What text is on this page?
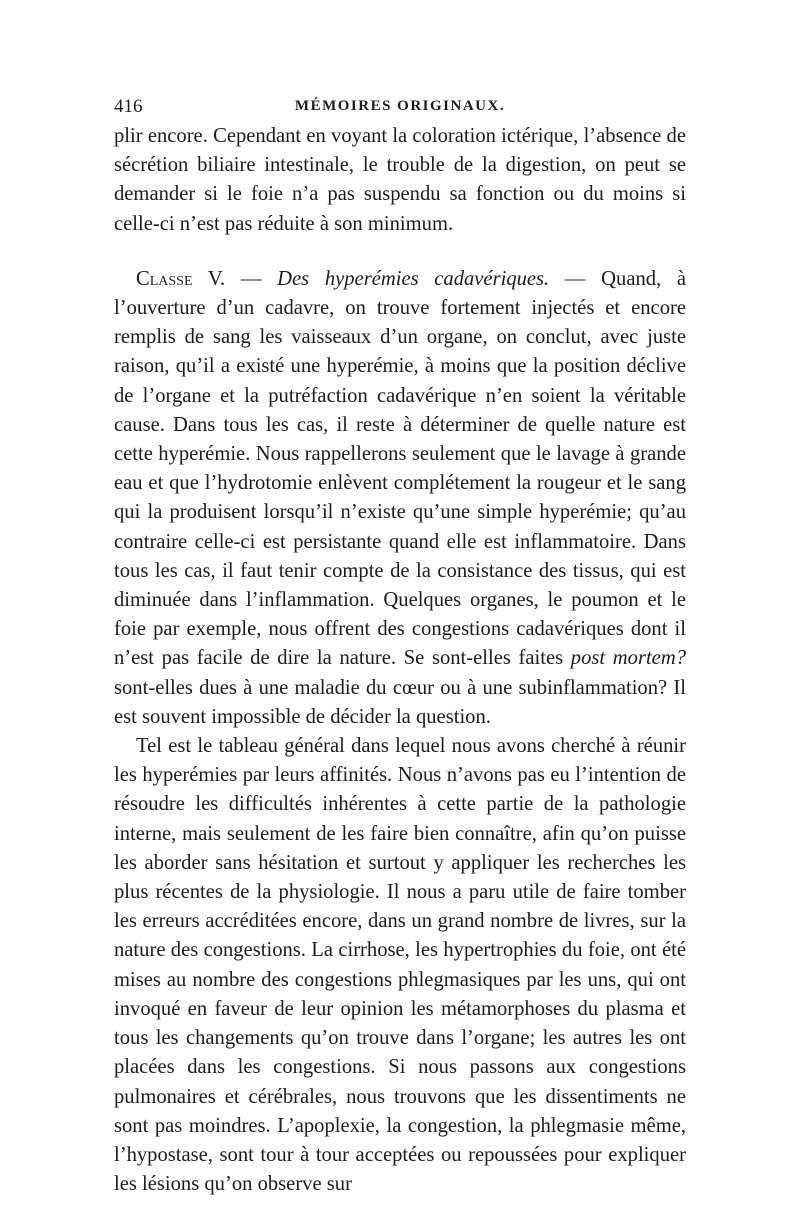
416	MÉMOIRES ORIGINAUX.

plir encore. Cependant en voyant la coloration ictérique, l’absence de sécrétion biliaire intestinale, le trouble de la digestion, on peut se demander si le foie n’a pas suspendu sa fonction ou du moins si celle-ci n’est pas réduite à son minimum.

Classe V. — Des hyperémies cadavériques. — Quand, à l’ouverture d’un cadavre, on trouve fortement injectés et encore remplis de sang les vaisseaux d’un organe, on conclut, avec juste raison, qu’il a existé une hyperémie, à moins que la position déclive de l’organe et la putréfaction cadavérique n’en soient la véritable cause. Dans tous les cas, il reste à déterminer de quelle nature est cette hyperémie. Nous rappellerons seulement que le lavage à grande eau et que l’hydrotomie enlèvent complétement la rougeur et le sang qui la produisent lorsqu’il n’existe qu’une simple hyperémie; qu’au contraire celle-ci est persistante quand elle est inflammatoire. Dans tous les cas, il faut tenir compte de la consistance des tissus, qui est diminuée dans l’inflammation. Quelques organes, le poumon et le foie par exemple, nous offrent des congestions cadavériques dont il n’est pas facile de dire la nature. Se sont-elles faites post mortem? sont-elles dues à une maladie du cœur ou à une subinflammation? Il est souvent impossible de décider la question.

Tel est le tableau général dans lequel nous avons cherché à réunir les hyperémies par leurs affinités. Nous n’avons pas eu l’intention de résoudre les difficultés inhérentes à cette partie de la pathologie interne, mais seulement de les faire bien connaître, afin qu’on puisse les aborder sans hésitation et surtout y appliquer les recherches les plus récentes de la physiologie. Il nous a paru utile de faire tomber les erreurs accréditées encore, dans un grand nombre de livres, sur la nature des congestions. La cirrhose, les hypertrophies du foie, ont été mises au nombre des congestions phlegmasiques par les uns, qui ont invoqué en faveur de leur opinion les métamorphoses du plasma et tous les changements qu’on trouve dans l’organe; les autres les ont placées dans les congestions. Si nous passons aux congestions pulmonaires et cérébrales, nous trouvons que les dissentiments ne sont pas moindres. L’apoplexie, la congestion, la phlegmasie même, l’hypostase, sont tour à tour acceptées ou repoussées pour expliquer les lésions qu’on observe sur
